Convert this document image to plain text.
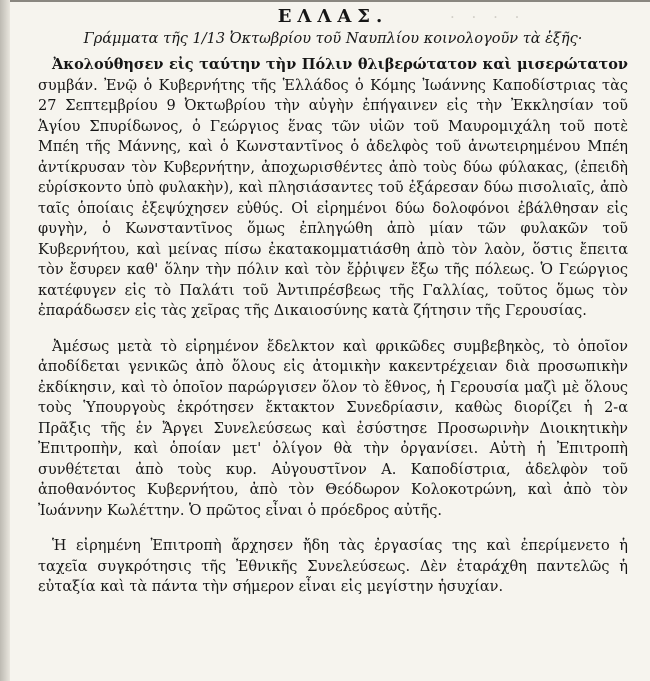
· · · ·
ΕΛΛΑΣ.
Γράμματα τῆς 1/13 Ὀκτωβρίου τοῦ Ναυπλίου κοινολογοῦν τὰ ἑξῆς·

Ἀκολούθησεν εἰς ταύτην τὴν Πόλιν θλιβερώτατον καὶ μισερώτατον συμβάν. Ἐνῷ ὁ Κυβερνήτης τῆς Ἑλλάδος ὁ Κόμης Ἰωάννης Καποδίστριας τὰς 27 Σεπτεμβρίου 9 Ὀκτωβρίου τὴν αὐγὴν ἐπήγαινεν εἰς τὴν Ἐκκλησίαν τοῦ Ἁγίου Σπυρίδωνος, ὁ Γεώργιος ἕνας τῶν υἱῶν τοῦ Μαυρομιχάλη τοῦ ποτὲ Μπέη τῆς Μάννης, καὶ ὁ Κωνσταντῖνος ὁ ἀδελφὸς τοῦ ἀνωτειρημένου Μπέη ἀντίκρυσαν τὸν Κυβερνήτην, ἀποχωρισθέντες ἀπὸ τοὺς δύω φύλακας, (ἐπειδὴ εὑρίσκοντο ὑπὸ φυλακὴν), καὶ πλησιάσαντες τοῦ ἐξάρεσαν δύω πισολιαῖς, ἀπὸ ταῖς ὁποίαις ἐξεψύχησεν εὐθύς. Οἱ εἰρημένοι δύω δολοφόνοι ἐβάλθησαν εἰς φυγὴν, ὁ Κωνσταντῖνος ὅμως ἐπληγώθη ἀπὸ μίαν τῶν φυλακῶν τοῦ Κυβερνήτου, καὶ μείνας πίσω ἐκατακομματιάσθη ἀπὸ τὸν λαὸν, ὅστις ἔπειτα τὸν ἔσυρεν καθ' ὅλην τὴν πόλιν καὶ τὸν ἔῤῥιψεν ἔξω τῆς πόλεως. Ὁ Γεώργιος κατέφυγεν εἰς τὸ Παλάτι τοῦ Ἀντιπρέσβεως τῆς Γαλλίας, τοῦτος ὅμως τὸν ἐπαράδωσεν εἰς τὰς χεῖρας τῆς Δικαιοσύνης κατὰ ζήτησιν τῆς Γερουσίας.

Ἀμέσως μετὰ τὸ εἰρημένον ἔδελκτον καὶ φρικῶδες συμβεβηκὸς, τὸ ὁποῖον ἀποδίδεται γενικῶς ἀπὸ ὅλους εἰς ἀτομικὴν κακεντρέχειαν διὰ προσωπικὴν ἐκδίκησιν, καὶ τὸ ὁποῖον παρώργισεν ὅλον τὸ ἔθνος, ἡ Γερουσία μαζὶ μὲ ὅλους τοὺς Ὑπουργοὺς ἐκρότησεν ἔκτακτον Συνεδρίασιν, καθὼς διορίζει ἡ 2-α Πρᾶξις τῆς ἐν Ἄργει Συνελεύσεως καὶ ἐσύστησε Προσωρινὴν Διοικητικὴν Ἐπιτροπὴν, καὶ ὁποίαν μετ' ὀλίγον θὰ τὴν ὀργανίσει. Αὐτὴ ἡ Ἐπιτροπὴ συνθέτεται ἀπὸ τοὺς κυρ. Αὐγουστῖνον Α. Καποδίστρια, ἀδελφὸν τοῦ ἀποθανόντος Κυβερνήτου, ἀπὸ τὸν Θεόδωρον Κολοκοτρώνη, καὶ ἀπὸ τὸν Ἰωάννην Κωλέττην. Ὁ πρῶτος εἶναι ὁ πρόεδρος αὐτῆς.

Ἡ εἰρημένη Ἐπιτροπὴ ἄρχησεν ἤδη τὰς ἐργασίας της καὶ ἐπερίμενετο ἡ ταχεῖα συγκρότησις τῆς Ἐθνικῆς Συνελεύσεως. Δὲν ἐταράχθη παντελῶς ἡ εὐταξία καὶ τὰ πάντα τὴν σήμερον εἶναι εἰς μεγίστην ἡσυχίαν.
